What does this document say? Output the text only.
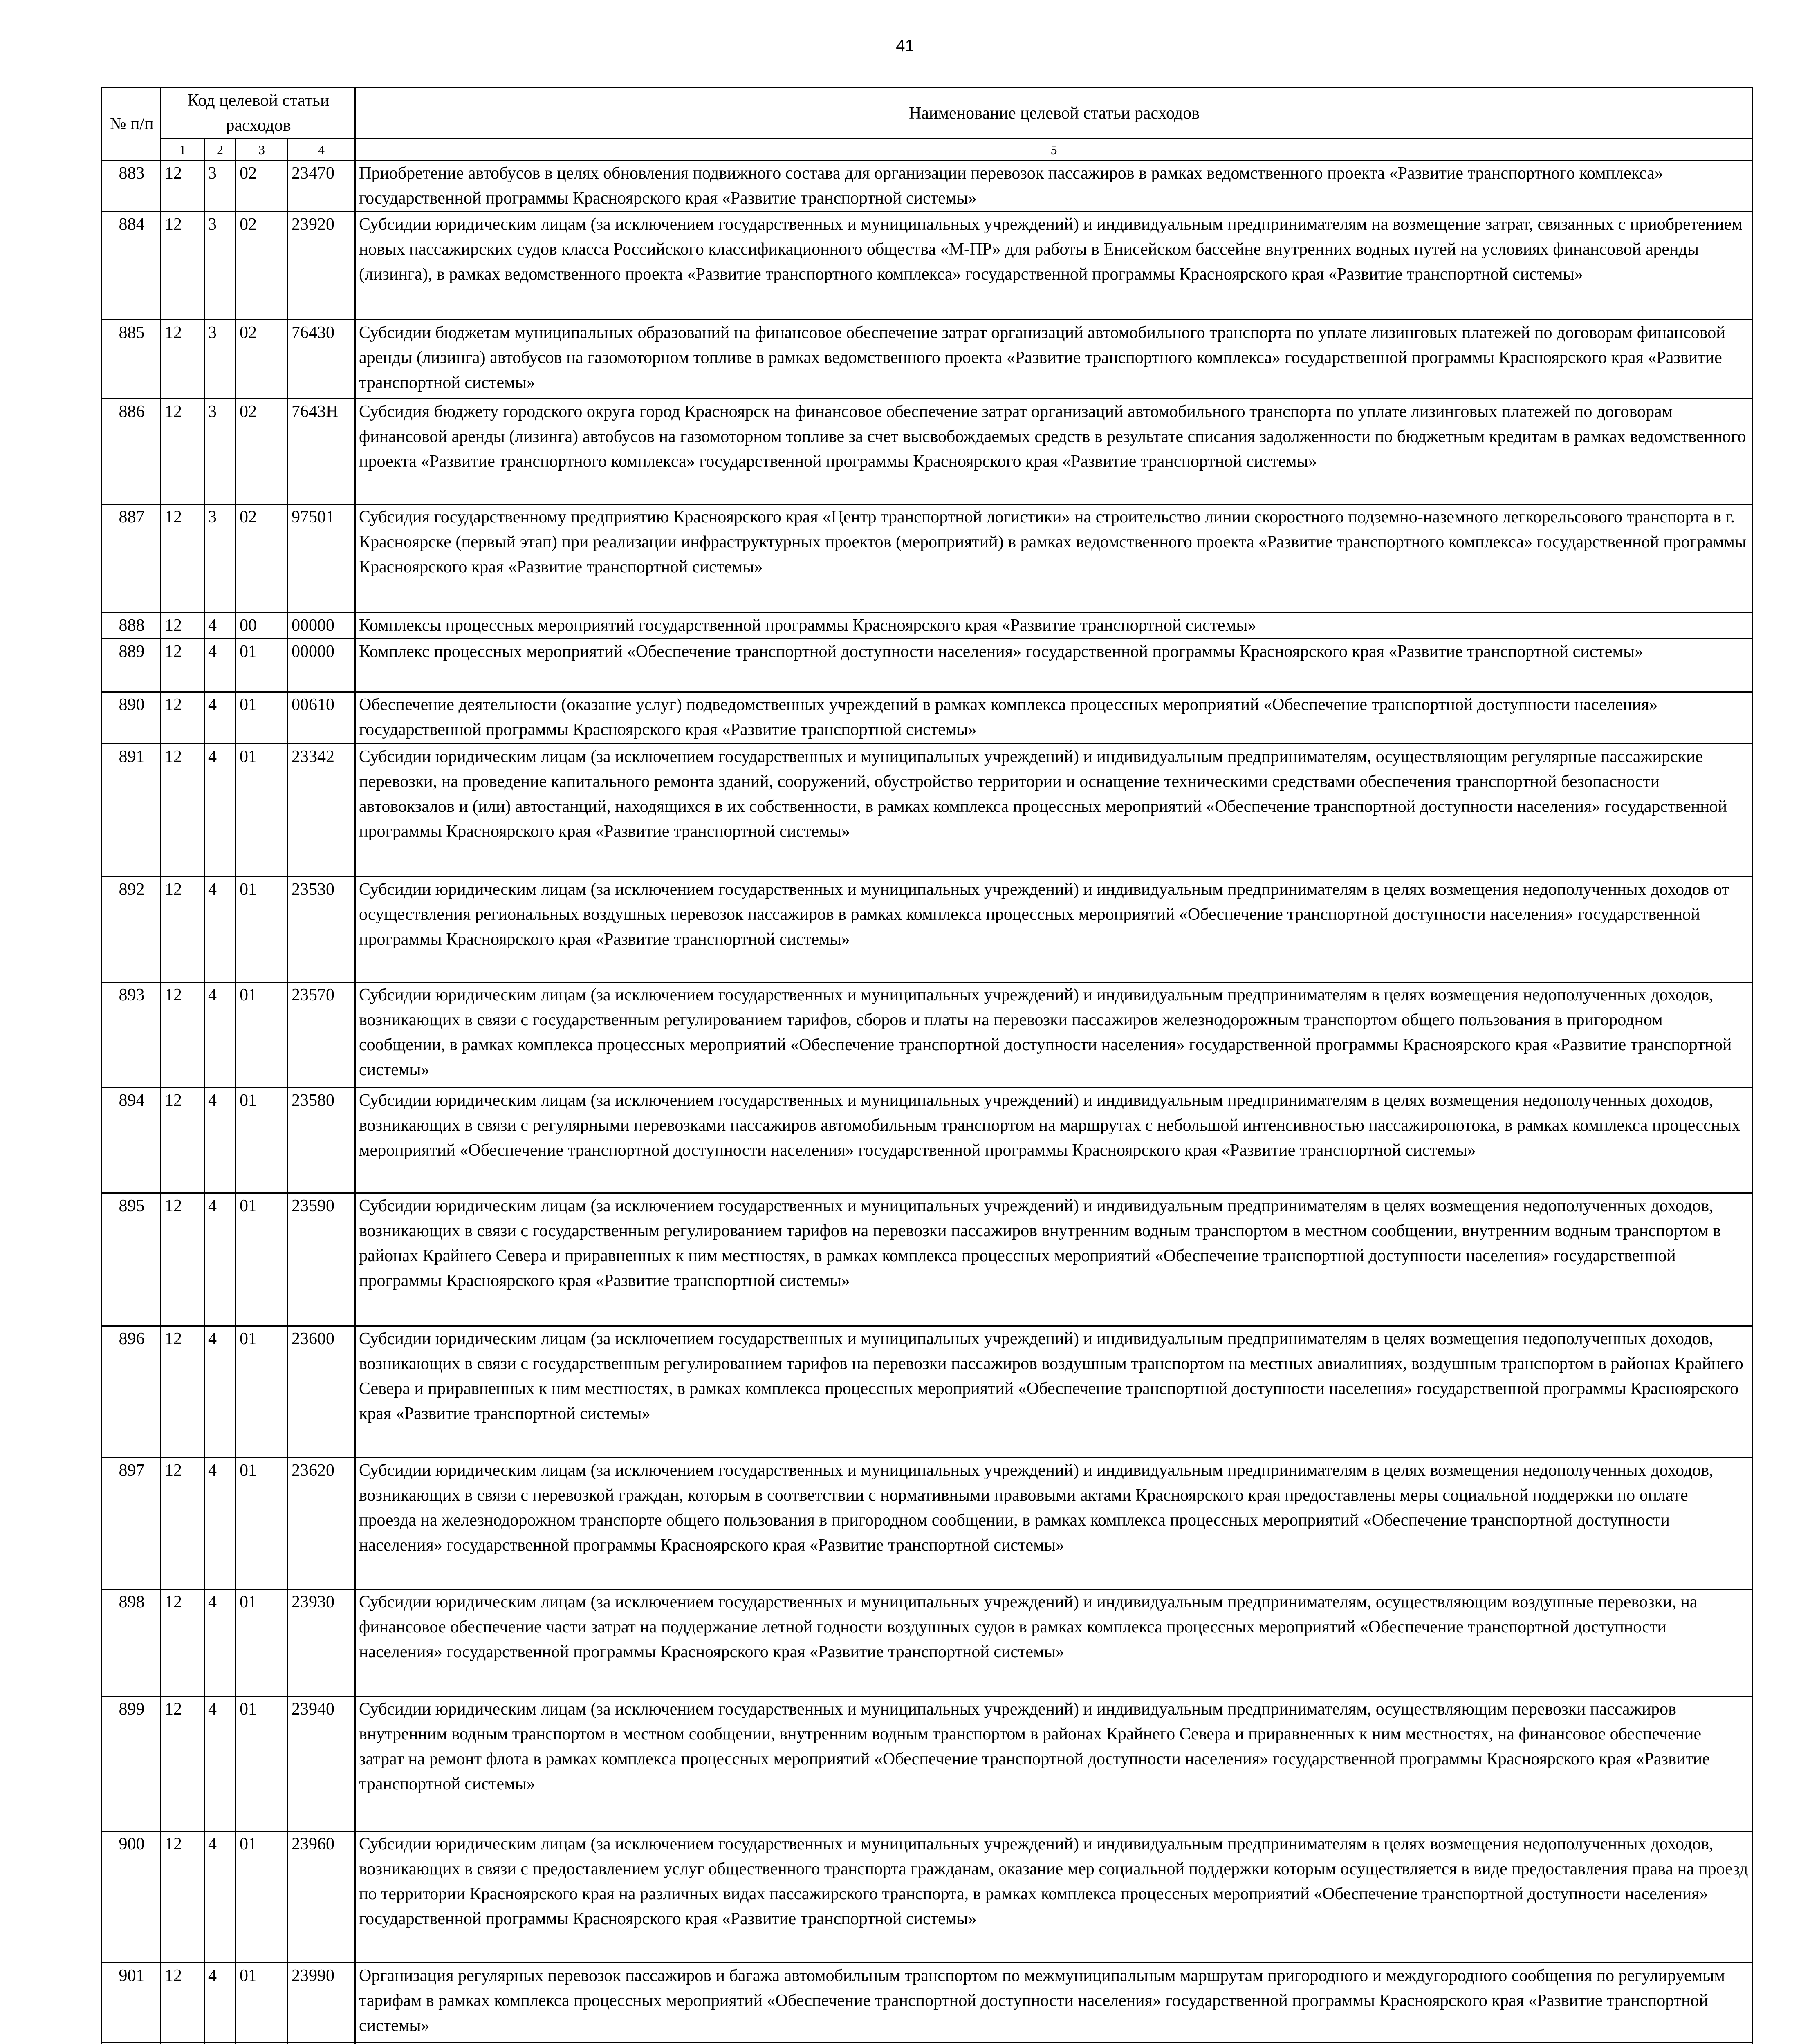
41
№ п/п	Код целевой статьи расходов				Наименование целевой статьи расходов
	1	2	3	4	5
883	12	3	02	23470	Приобретение автобусов в целях обновления подвижного состава для организации перевозок пассажиров в рамках ведомственного проекта «Развитие транспортного комплекса» государственной программы Красноярского края «Развитие транспортной системы»
884	12	3	02	23920	Субсидии юридическим лицам (за исключением государственных и муниципальных учреждений) и индивидуальным предпринимателям на возмещение затрат, связанных с приобретением новых пассажирских судов класса Российского классификационного общества «М-ПР» для работы в Енисейском бассейне внутренних водных путей на условиях финансовой аренды (лизинга), в рамках ведомственного проекта «Развитие транспортного комплекса» государственной программы Красноярского края «Развитие транспортной системы»
885	12	3	02	76430	Субсидии бюджетам муниципальных образований на финансовое обеспечение затрат организаций автомобильного транспорта по уплате лизинговых платежей по договорам финансовой аренды (лизинга) автобусов на газомоторном топливе в рамках ведомственного проекта «Развитие транспортного комплекса» государственной программы Красноярского края «Развитие транспортной системы»
886	12	3	02	7643Н	Субсидия бюджету городского округа город Красноярск на финансовое обеспечение затрат организаций автомобильного транспорта по уплате лизинговых платежей по договорам финансовой аренды (лизинга) автобусов на газомоторном топливе за счет высвобождаемых средств в результате списания задолженности по бюджетным кредитам в рамках ведомственного проекта «Развитие транспортного комплекса» государственной программы Красноярского края «Развитие транспортной системы»
887	12	3	02	97501	Субсидия государственному предприятию Красноярского края «Центр транспортной логистики» на строительство линии скоростного подземно-наземного легкорельсового транспорта в г. Красноярске (первый этап) при реализации инфраструктурных проектов (мероприятий) в рамках ведомственного проекта «Развитие транспортного комплекса» государственной программы Красноярского края «Развитие транспортной системы»
888	12	4	00	00000	Комплексы процессных мероприятий государственной программы Красноярского края «Развитие транспортной системы»
889	12	4	01	00000	Комплекс процессных мероприятий «Обеспечение транспортной доступности населения» государственной программы Красноярского края «Развитие транспортной системы»
890	12	4	01	00610	Обеспечение деятельности (оказание услуг) подведомственных учреждений в рамках комплекса процессных мероприятий «Обеспечение транспортной доступности населения» государственной программы Красноярского края «Развитие транспортной системы»
891	12	4	01	23342	Субсидии юридическим лицам (за исключением государственных и муниципальных учреждений) и индивидуальным предпринимателям, осуществляющим регулярные пассажирские перевозки, на проведение капитального ремонта зданий, сооружений, обустройство территории и оснащение техническими средствами обеспечения транспортной безопасности автовокзалов и (или) автостанций, находящихся в их собственности, в рамках комплекса процессных мероприятий «Обеспечение транспортной доступности населения» государственной программы Красноярского края «Развитие транспортной системы»
892	12	4	01	23530	Субсидии юридическим лицам (за исключением государственных и муниципальных учреждений) и индивидуальным предпринимателям в целях возмещения недополученных доходов от осуществления региональных воздушных перевозок пассажиров в рамках комплекса процессных мероприятий «Обеспечение транспортной доступности населения» государственной программы Красноярского края «Развитие транспортной системы»
893	12	4	01	23570	Субсидии юридическим лицам (за исключением государственных и муниципальных учреждений) и индивидуальным предпринимателям в целях возмещения недополученных доходов, возникающих в связи с государственным регулированием тарифов, сборов и платы на перевозки пассажиров железнодорожным транспортом общего пользования в пригородном сообщении, в рамках комплекса процессных мероприятий «Обеспечение транспортной доступности населения» государственной программы Красноярского края «Развитие транспортной системы»
894	12	4	01	23580	Субсидии юридическим лицам (за исключением государственных и муниципальных учреждений) и индивидуальным предпринимателям в целях возмещения недополученных доходов, возникающих в связи с регулярными перевозками пассажиров автомобильным транспортом на маршрутах с небольшой интенсивностью пассажиропотока, в рамках комплекса процессных мероприятий «Обеспечение транспортной доступности населения» государственной программы Красноярского края «Развитие транспортной системы»
895	12	4	01	23590	Субсидии юридическим лицам (за исключением государственных и муниципальных учреждений) и индивидуальным предпринимателям в целях возмещения недополученных доходов, возникающих в связи с государственным регулированием тарифов на перевозки пассажиров внутренним водным транспортом в местном сообщении, внутренним водным транспортом в районах Крайнего Севера и приравненных к ним местностях, в рамках комплекса процессных мероприятий «Обеспечение транспортной доступности населения» государственной программы Красноярского края «Развитие транспортной системы»
896	12	4	01	23600	Субсидии юридическим лицам (за исключением государственных и муниципальных учреждений) и индивидуальным предпринимателям в целях возмещения недополученных доходов, возникающих в связи с государственным регулированием тарифов на перевозки пассажиров воздушным транспортом на местных авиалиниях, воздушным транспортом в районах Крайнего Севера и приравненных к ним местностях, в рамках комплекса процессных мероприятий «Обеспечение транспортной доступности населения» государственной программы Красноярского края «Развитие транспортной системы»
897	12	4	01	23620	Субсидии юридическим лицам (за исключением государственных и муниципальных учреждений) и индивидуальным предпринимателям в целях возмещения недополученных доходов, возникающих в связи с перевозкой граждан, которым в соответствии с нормативными правовыми актами Красноярского края предоставлены меры социальной поддержки по оплате проезда на железнодорожном транспорте общего пользования в пригородном сообщении, в рамках комплекса процессных мероприятий «Обеспечение транспортной доступности населения» государственной программы Красноярского края «Развитие транспортной системы»
898	12	4	01	23930	Субсидии юридическим лицам (за исключением государственных и муниципальных учреждений) и индивидуальным предпринимателям, осуществляющим воздушные перевозки, на финансовое обеспечение части затрат на поддержание летной годности воздушных судов в рамках комплекса процессных мероприятий «Обеспечение транспортной доступности населения» государственной программы Красноярского края «Развитие транспортной системы»
899	12	4	01	23940	Субсидии юридическим лицам (за исключением государственных и муниципальных учреждений) и индивидуальным предпринимателям, осуществляющим перевозки пассажиров внутренним водным транспортом в местном сообщении, внутренним водным транспортом в районах Крайнего Севера и приравненных к ним местностях, на финансовое обеспечение затрат на ремонт флота в рамках комплекса процессных мероприятий «Обеспечение транспортной доступности населения» государственной программы Красноярского края «Развитие транспортной системы»
900	12	4	01	23960	Субсидии юридическим лицам (за исключением государственных и муниципальных учреждений) и индивидуальным предпринимателям в целях возмещения недополученных доходов, возникающих в связи с предоставлением услуг общественного транспорта гражданам, оказание мер социальной поддержки которым осуществляется в виде предоставления права на проезд по территории Красноярского края на различных видах пассажирского транспорта, в рамках комплекса процессных мероприятий «Обеспечение транспортной доступности населения» государственной программы Красноярского края «Развитие транспортной системы»
901	12	4	01	23990	Организация регулярных перевозок пассажиров и багажа автомобильным транспортом по межмуниципальным маршрутам пригородного и междугородного сообщения по регулируемым тарифам в рамках комплекса процессных мероприятий «Обеспечение транспортной доступности населения» государственной программы Красноярского края «Развитие транспортной системы»
